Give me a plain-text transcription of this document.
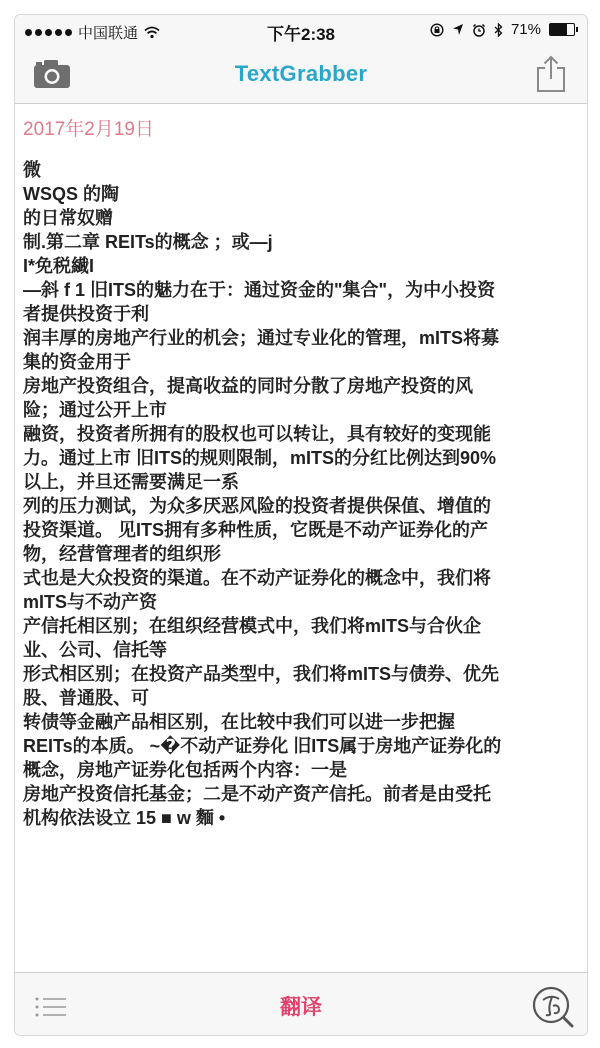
中国联通	下午2:38	71%
TextGrabber
2017年2月19日
微
WSQS 的陶
的日常奴赠
制.第二章 REITs的概念 ；或—j
I*免税繊I
—斜 f 1 旧ITS的魅力在于：通过资金的"集合"，为中小投资
者提供投资于利
润丰厚的房地产行业的机会；通过专业化的管理，mITS将募
集的资金用于
房地产投资组合，提高收益的同时分散了房地产投资的风
险；通过公开上市
融资，投资者所拥有的股权也可以转让，具有较好的变现能
力。通过上市 旧ITS的规则限制，mITS的分红比例达到90%
以上，并旦还需要满足一系
列的压力测试，为众多厌恶风险的投资者提供保值、增值的
投资渠道。 见ITS拥有多种性质，它既是不动产证券化的产
物，经营管理者的组织形
式也是大众投资的渠道。在不动产证券化的概念中，我们将
mITS与不动产资
产信托相区别；在组织经营模式中，我们将mITS与合伙企
业、公司、信托等
形式相区别；在投资产品类型中，我们将mITS与债券、优先
股、普通股、可
转债等金融产品相区别，在比较中我们可以进一步把握
REITs的本质。 ~�不动产证券化 旧ITS属于房地产证券化的
概念，房地产证券化包括两个内容：一是
房地产投资信托基金；二是不动产资产信托。前者是由受托
机构依法设立 15 ■ w 麵 •
翻译
